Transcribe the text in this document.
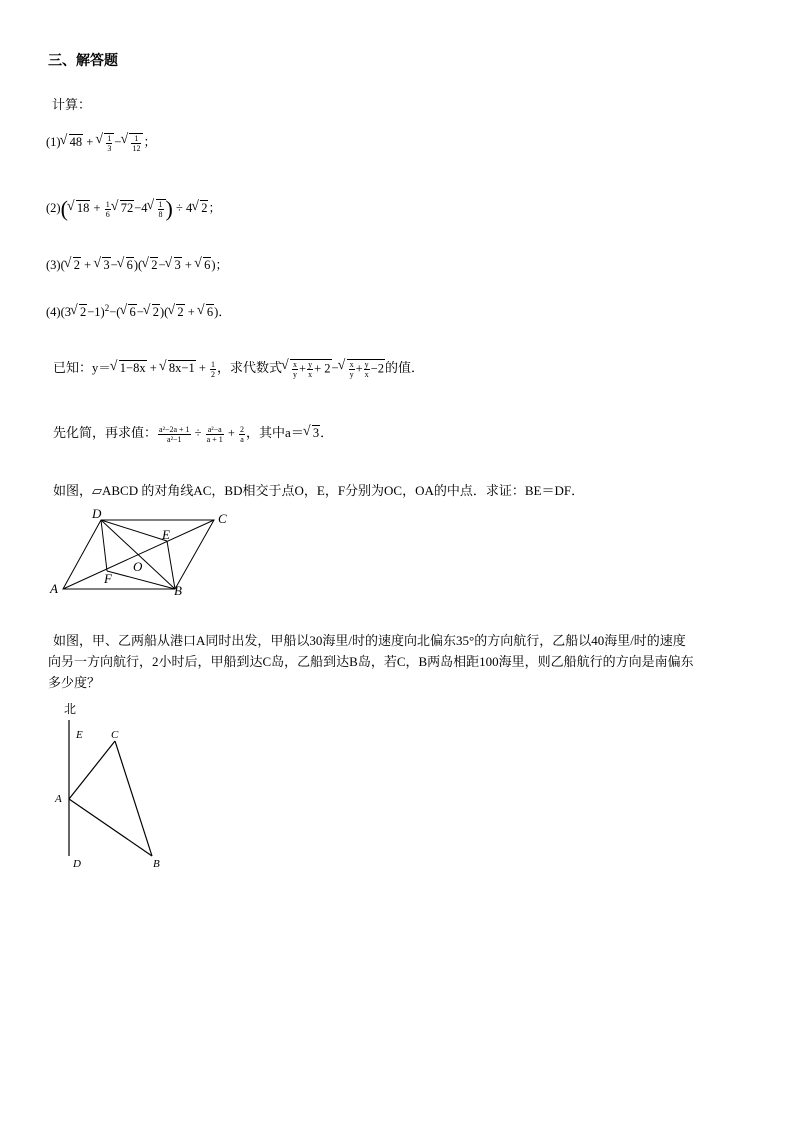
三、解答题
计算：
(1) √ 48 + √ $\frac{1}{3}$ − √ $\frac{1}{12}$ ；
(2)( √ $18 + \frac{1}{6}$ √ 72−4 √ $\frac{1}{8}$ ) ÷ 4 √ 2；
(3)( √ 2 + √ 3− √ 6)( √ 2− √ 3 + √ 6)；
(4)(3 √ 2−1)$^2$−( √ 6− √ 2)( √ 2 + √ 6)．
已知：y＝ √ 1−8x + √ $8x-1 + \frac{1}{2}$ ，求代数式 √ $\frac{x}{y} + \frac{y}{x} + 2-$ √ $\frac{x}{y} + \frac{y}{x} -2$的值．
先化简，再求值： $\frac{\text{a²−2a + 1}}{\text{a²−1}} \div \frac{\text{a²−a}}{a + 1} + \frac{2}{a}$ ，其中a＝ √ 3．
如图，▱ABCD 的对角线AC，BD相交于点O，E，F分别为OC，OA的中点．求证：BE＝DF．
D	C
E
O
F
A	B
如图，甲、乙两船从港口A同时出发，甲船以30海里/时的速度向北偏东35°的方向航行，乙船以40海里/时的速度
向另一方向航行，2小时后，甲船到达C岛，乙船到达B岛，若C，B两岛相距100海里，则乙船航行的方向是南偏东
多少度？
北
E	C
A
D	B
